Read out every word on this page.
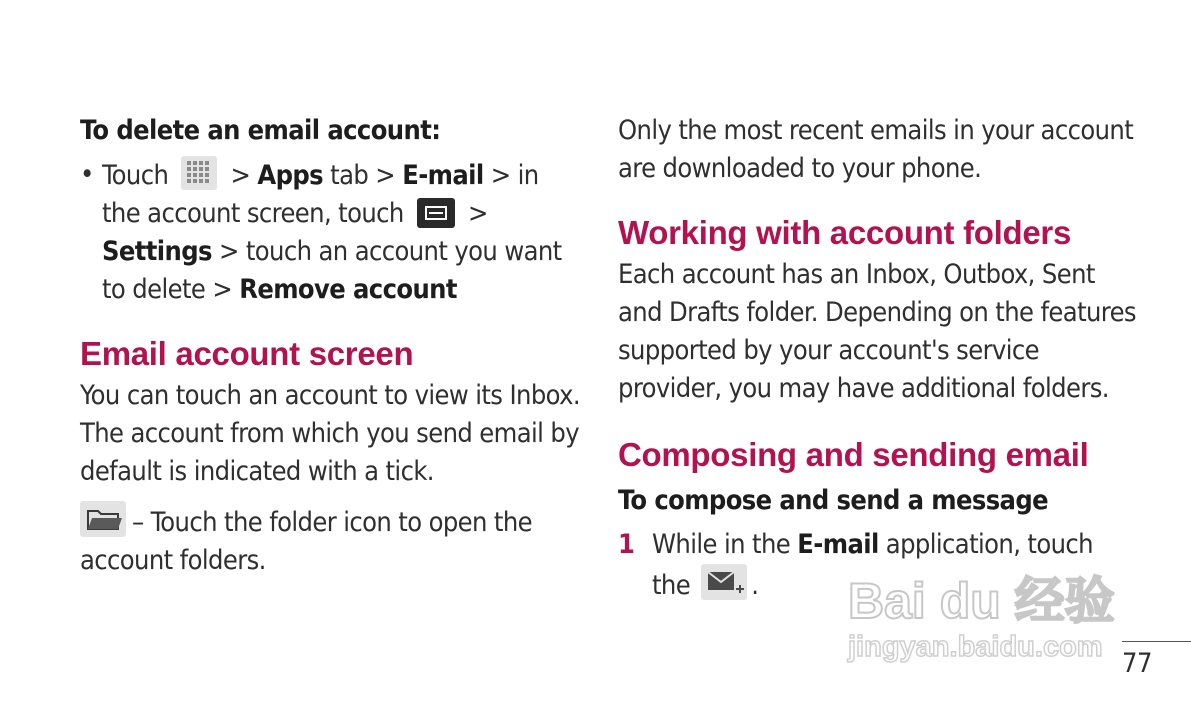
To delete an email account:
• Touch > Apps tab > E-mail > in the account screen, touch > Settings > touch an account you want to delete > Remove account
Email account screen
You can touch an account to view its Inbox. The account from which you send email by default is indicated with a tick.
– Touch the folder icon to open the account folders.
Only the most recent emails in your account are downloaded to your phone.
Working with account folders
Each account has an Inbox, Outbox, Sent and Drafts folder. Depending on the features supported by your account's service provider, you may have additional folders.
Composing and sending email
To compose and send a message
1 While in the E-mail application, touch the .	Bai du 经验
jingyan.baidu.com
77
